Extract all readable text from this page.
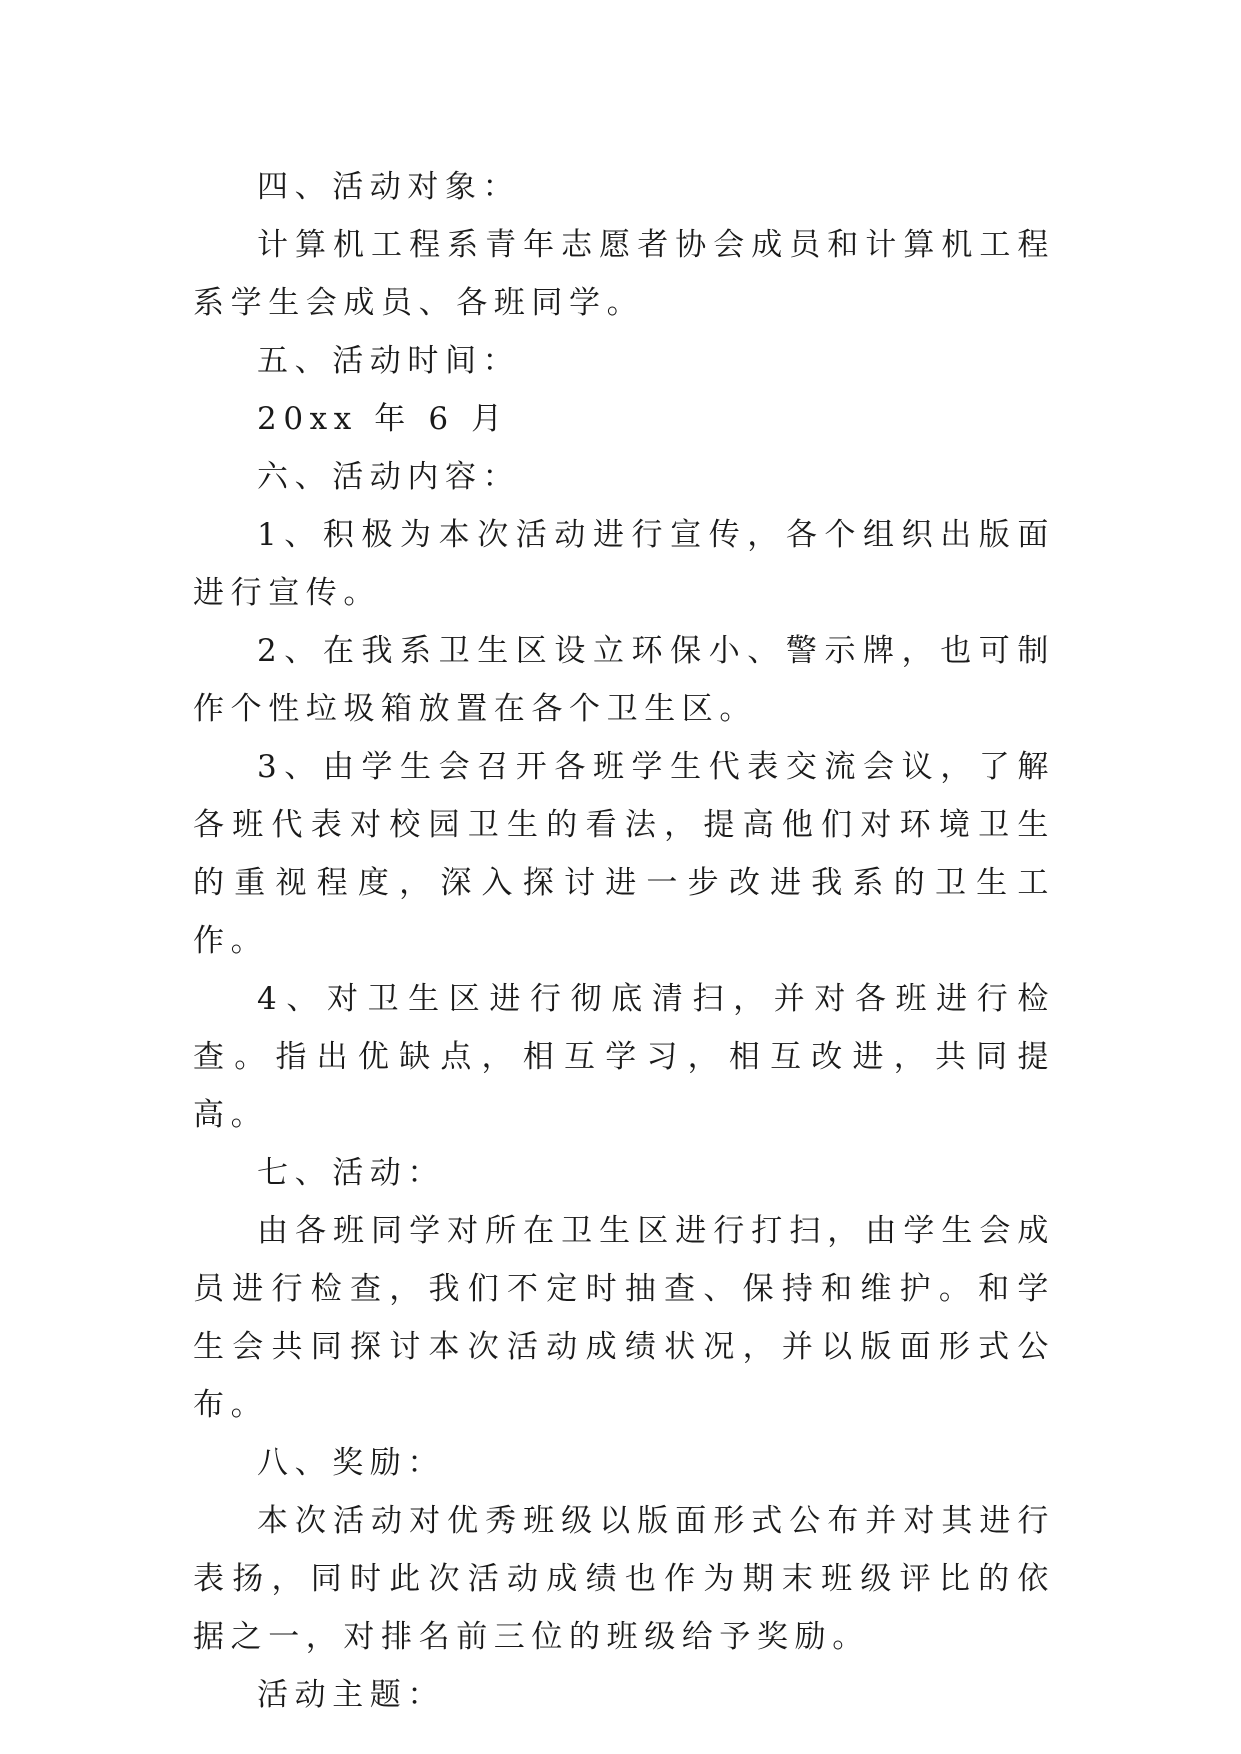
四、活动对象：

计算机工程系青年志愿者协会成员和计算机工程系学生会成员、各班同学。

五、活动时间：

20xx 年 6 月

六、活动内容：

1、积极为本次活动进行宣传，各个组织出版面进行宣传。

2、在我系卫生区设立环保小、警示牌，也可制作个性垃圾箱放置在各个卫生区。

3、由学生会召开各班学生代表交流会议，了解各班代表对校园卫生的看法，提高他们对环境卫生的重视程度，深入探讨进一步改进我系的卫生工作。

4、对卫生区进行彻底清扫，并对各班进行检查。指出优缺点，相互学习，相互改进，共同提高。

七、活动：

由各班同学对所在卫生区进行打扫，由学生会成员进行检查，我们不定时抽查、保持和维护。和学生会共同探讨本次活动成绩状况，并以版面形式公布。

八、奖励：

本次活动对优秀班级以版面形式公布并对其进行表扬，同时此次活动成绩也作为期末班级评比的依据之一，对排名前三位的班级给予奖励。

活动主题：
